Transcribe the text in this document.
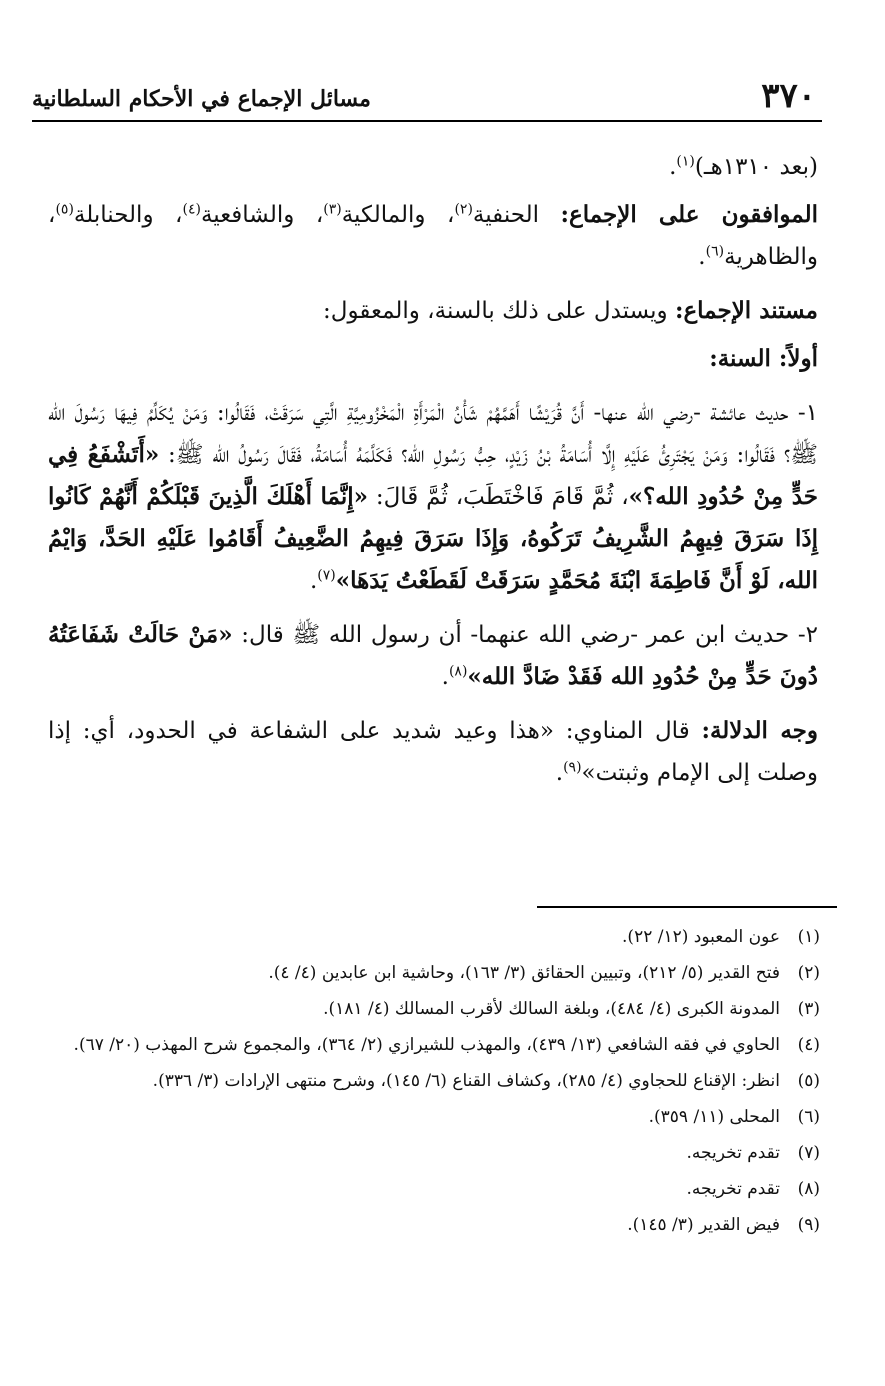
٣٧٠
مسائل الإجماع في الأحكام السلطانية

(بعد ١٣١٠هـ)$^{(١)}$.

الموافقون على الإجماع: الحنفية$^{(٢)}$، والمالكية$^{(٣)}$، والشافعية$^{(٤)}$، والحنابلة$^{(٥)}$، والظاهرية$^{(٦)}$.

مستند الإجماع: ويستدل على ذلك بالسنة، والمعقول:

أولاً: السنة:

١- حديث عائشة -رضي الله عنها- أَنَّ قُرَيْشًا أَهَمَّهُمْ شَأْنُ الْمَرْأَةِ الْمَخْزُومِيَّةِ الَّتِي سَرَقَتْ، فَقَالُوا: وَمَنْ يُكَلِّمُ فِيهَا رَسُولَ الله ﷺ؟ فَقَالُوا: وَمَنْ يَجْتَرِئُ عَلَيْهِ إِلَّا أُسَامَةُ بْنُ زَيْدٍ، حِبُّ رَسُولِ الله؟ فَكَلَّمَهُ أُسَامَةُ، فَقَالَ رَسُولُ الله ﷺ: «أَتَشْفَعُ فِي حَدٍّ مِنْ حُدُودِ الله؟»، ثُمَّ قَامَ فَاخْتَطَبَ، ثُمَّ قَالَ: «إِنَّمَا أَهْلَكَ الَّذِينَ قَبْلَكُمْ أَنَّهُمْ كَانُوا إِذَا سَرَقَ فِيهِمُ الشَّرِيفُ تَرَكُوهُ، وَإِذَا سَرَقَ فِيهِمُ الضَّعِيفُ أَقَامُوا عَلَيْهِ الحَدَّ، وَايْمُ الله، لَوْ أَنَّ فَاطِمَةَ ابْنَةَ مُحَمَّدٍ سَرَقَتْ لَقَطَعْتُ يَدَهَا»$^{(٧)}$.

٢- حديث ابن عمر -رضي الله عنهما- أن رسول الله ﷺ قال: «مَنْ حَالَتْ شَفَاعَتُهُ دُونَ حَدٍّ مِنْ حُدُودِ الله فَقَدْ ضَادَّ الله»$^{(٨)}$.

وجه الدلالة: قال المناوي: «هذا وعيد شديد على الشفاعة في الحدود، أي: إذا وصلت إلى الإمام وثبتت»$^{(٩)}$.

(١)
عون المعبود (١٢/ ٢٢).
(٢)
فتح القدير (٥/ ٢١٢)، وتبيين الحقائق (٣/ ١٦٣)، وحاشية ابن عابدين (٤/ ٤).
(٣)
المدونة الكبرى (٤/ ٤٨٤)، وبلغة السالك لأقرب المسالك (٤/ ١٨١).
(٤)
الحاوي في فقه الشافعي (١٣/ ٤٣٩)، والمهذب للشيرازي (٢/ ٣٦٤)، والمجموع شرح المهذب (٢٠/ ٦٧).
(٥)
انظر: الإقناع للحجاوي (٤/ ٢٨٥)، وكشاف القناع (٦/ ١٤٥)، وشرح منتهى الإرادات (٣/ ٣٣٦).
(٦)
المحلى (١١/ ٣٥٩).
(٧)
تقدم تخريجه.
(٨)
تقدم تخريجه.
(٩)
فيض القدير (٣/ ١٤٥).
